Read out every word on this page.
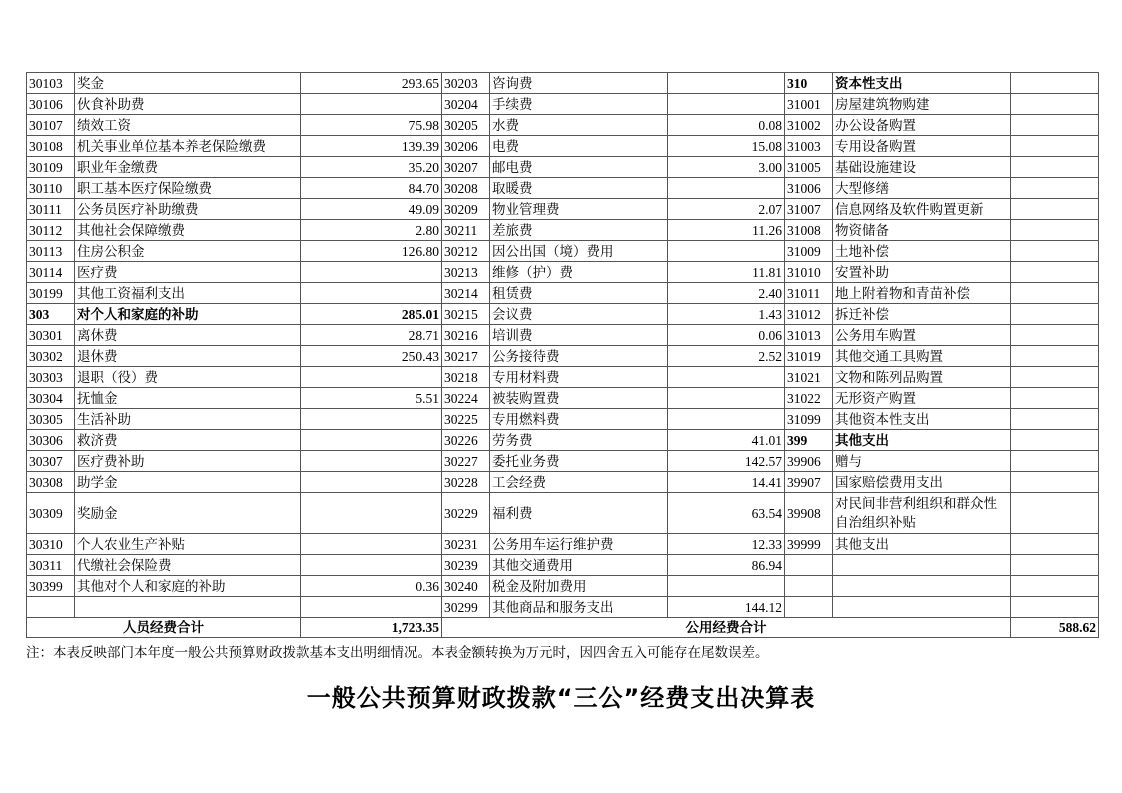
30103	奖金	293.65	30203	咨询费		310	资本性支出	
30106	伙食补助费		30204	手续费		31001	房屋建筑物购建	
30107	绩效工资	75.98	30205	水费	0.08	31002	办公设备购置	
30108	机关事业单位基本养老保险缴费	139.39	30206	电费	15.08	31003	专用设备购置	
30109	职业年金缴费	35.20	30207	邮电费	3.00	31005	基础设施建设	
30110	职工基本医疗保险缴费	84.70	30208	取暖费		31006	大型修缮	
30111	公务员医疗补助缴费	49.09	30209	物业管理费	2.07	31007	信息网络及软件购置更新	
30112	其他社会保障缴费	2.80	30211	差旅费	11.26	31008	物资储备	
30113	住房公积金	126.80	30212	因公出国（境）费用		31009	土地补偿	
30114	医疗费		30213	维修（护）费	11.81	31010	安置补助	
30199	其他工资福利支出		30214	租赁费	2.40	31011	地上附着物和青苗补偿	
303	对个人和家庭的补助	285.01	30215	会议费	1.43	31012	拆迁补偿	
30301	离休费	28.71	30216	培训费	0.06	31013	公务用车购置	
30302	退休费	250.43	30217	公务接待费	2.52	31019	其他交通工具购置	
30303	退职（役）费		30218	专用材料费		31021	文物和陈列品购置	
30304	抚恤金	5.51	30224	被装购置费		31022	无形资产购置	
30305	生活补助		30225	专用燃料费		31099	其他资本性支出	
30306	救济费		30226	劳务费	41.01	399	其他支出	
30307	医疗费补助		30227	委托业务费	142.57	39906	赠与	
30308	助学金		30228	工会经费	14.41	39907	国家赔偿费用支出	
30309	奖励金		30229	福利费	63.54	39908	对民间非营利组织和群众性自治组织补贴	
30310	个人农业生产补贴		30231	公务用车运行维护费	12.33	39999	其他支出	
30311	代缴社会保险费		30239	其他交通费用	86.94			
30399	其他对个人和家庭的补助	0.36	30240	税金及附加费用				
			30299	其他商品和服务支出	144.12			
人员经费合计		1,723.35	公用经费合计					588.62
注：本表反映部门本年度一般公共预算财政拨款基本支出明细情况。本表金额转换为万元时，因四舍五入可能存在尾数误差。
一般公共预算财政拨款“三公”经费支出决算表
